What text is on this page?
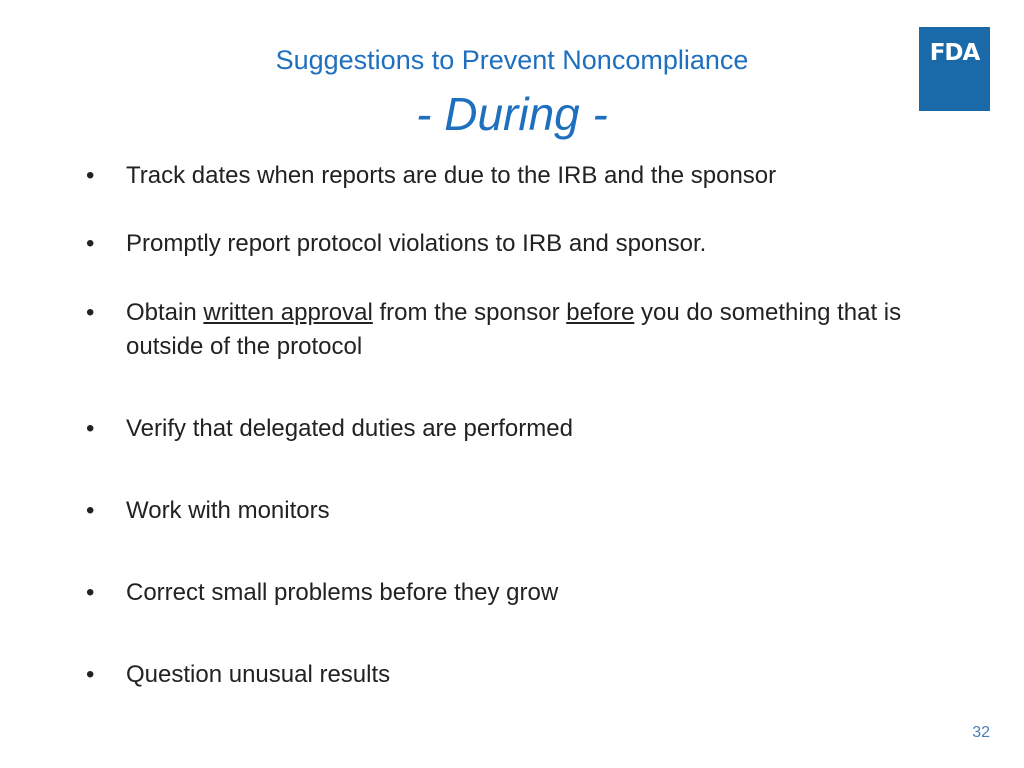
Suggestions to Prevent Noncompliance
- During -
FDA
•	Track dates when reports are due to the IRB and the sponsor
•	Promptly report protocol violations to IRB and sponsor.
•	Obtain written approval from the sponsor before you do something that is outside of the protocol
•	Verify that delegated duties are performed
•	Work with monitors
•	Correct small problems before they grow
•	Question unusual results
32
